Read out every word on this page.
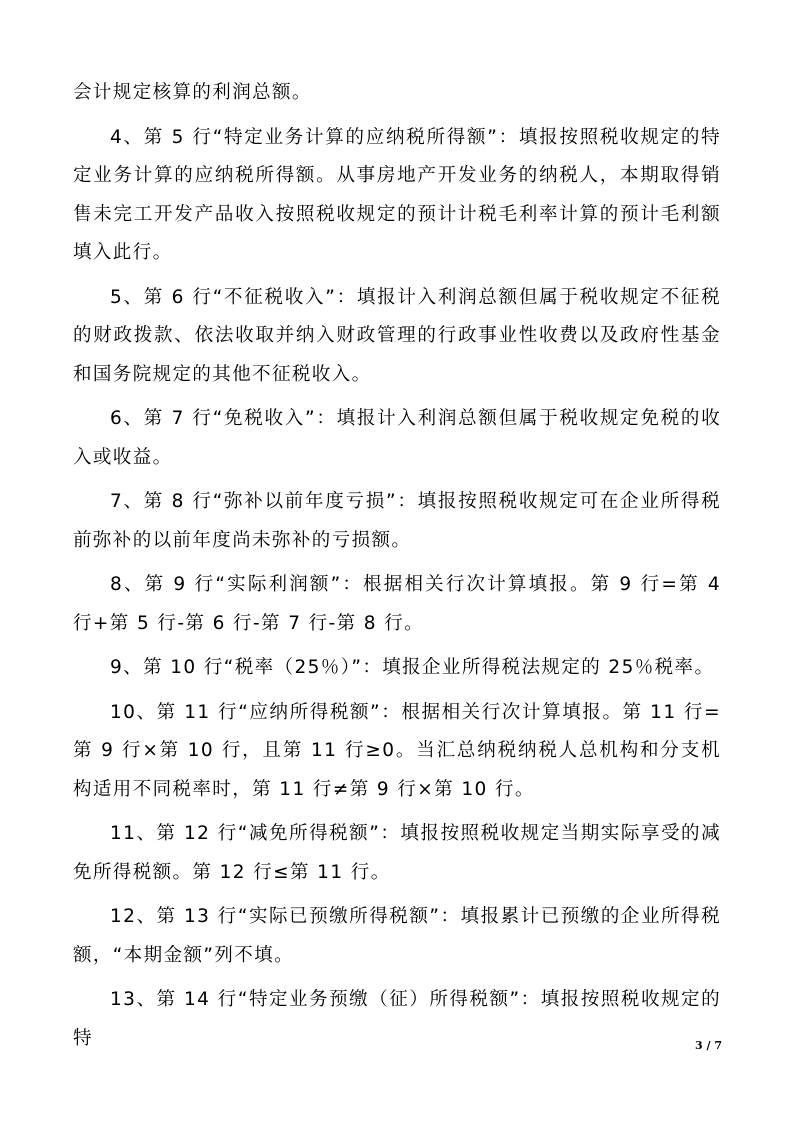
会计规定核算的利润总额。

4、第 5 行“特定业务计算的应纳税所得额”：填报按照税收规定的特定业务计算的应纳税所得额。从事房地产开发业务的纳税人，本期取得销售未完工开发产品收入按照税收规定的预计计税毛利率计算的预计毛利额填入此行。

5、第 6 行“不征税收入”：填报计入利润总额但属于税收规定不征税的财政拨款、依法收取并纳入财政管理的行政事业性收费以及政府性基金和国务院规定的其他不征税收入。

6、第 7 行“免税收入”：填报计入利润总额但属于税收规定免税的收入或收益。

7、第 8 行“弥补以前年度亏损”：填报按照税收规定可在企业所得税前弥补的以前年度尚未弥补的亏损额。

8、第 9 行“实际利润额”：根据相关行次计算填报。第 9 行=第 4 行+第 5 行-第 6 行-第 7 行-第 8 行。

9、第 10 行“税率（25％）”：填报企业所得税法规定的 25％税率。

10、第 11 行“应纳所得税额”：根据相关行次计算填报。第 11 行=第 9 行×第 10 行，且第 11 行≥0。当汇总纳税纳税人总机构和分支机构适用不同税率时，第 11 行≠第 9 行×第 10 行。

11、第 12 行“减免所得税额”：填报按照税收规定当期实际享受的减免所得税额。第 12 行≤第 11 行。

12、第 13 行“实际已预缴所得税额”：填报累计已预缴的企业所得税额，“本期金额”列不填。

13、第 14 行“特定业务预缴（征）所得税额”：填报按照税收规定的特	3 / 7
